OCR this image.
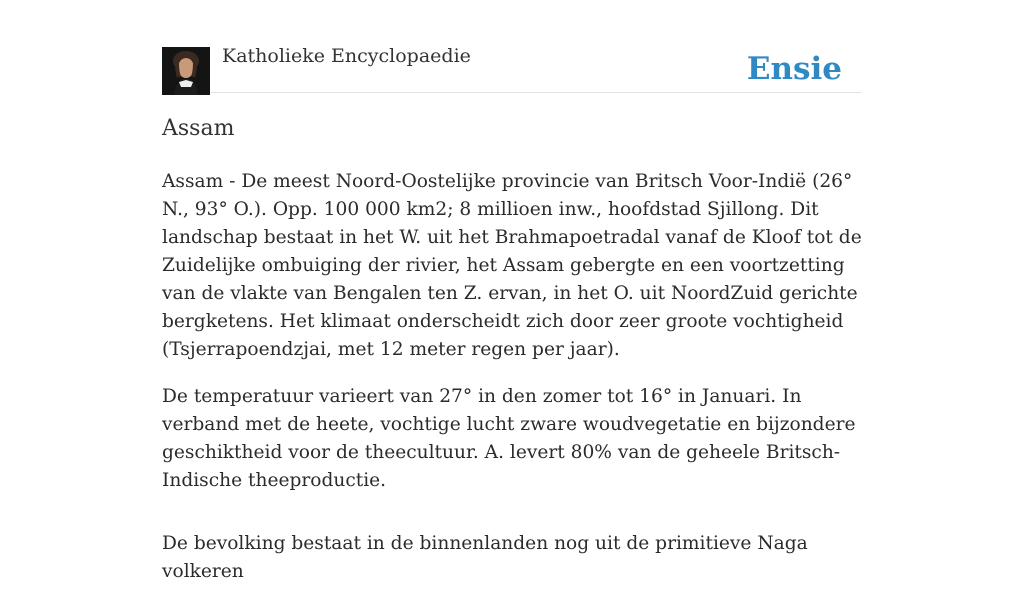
Katholieke Encyclopaedie	Ensie
Assam

Assam - De meest Noord-Oostelijke provincie van Britsch Voor-Indië (26° N., 93° O.). Opp. 100 000 km2; 8 millioen inw., hoofdstad Sjillong. Dit landschap bestaat in het W. uit het Brahmapoetradal vanaf de Kloof tot de Zuidelijke ombuiging der rivier, het Assam gebergte en een voortzetting van de vlakte van Bengalen ten Z. ervan, in het O. uit NoordZuid gerichte bergketens. Het klimaat onderscheidt zich door zeer groote vochtigheid (Tsjerrapoendzjai, met 12 meter regen per jaar).

De temperatuur varieert van 27° in den zomer tot 16° in Januari. In verband met de heete, vochtige lucht zware woudvegetatie en bijzondere geschiktheid voor de theecultuur. A. levert 80% van de geheele Britsch-Indische theeproductie.

De bevolking bestaat in de binnenlanden nog uit de primitieve Naga volkeren
